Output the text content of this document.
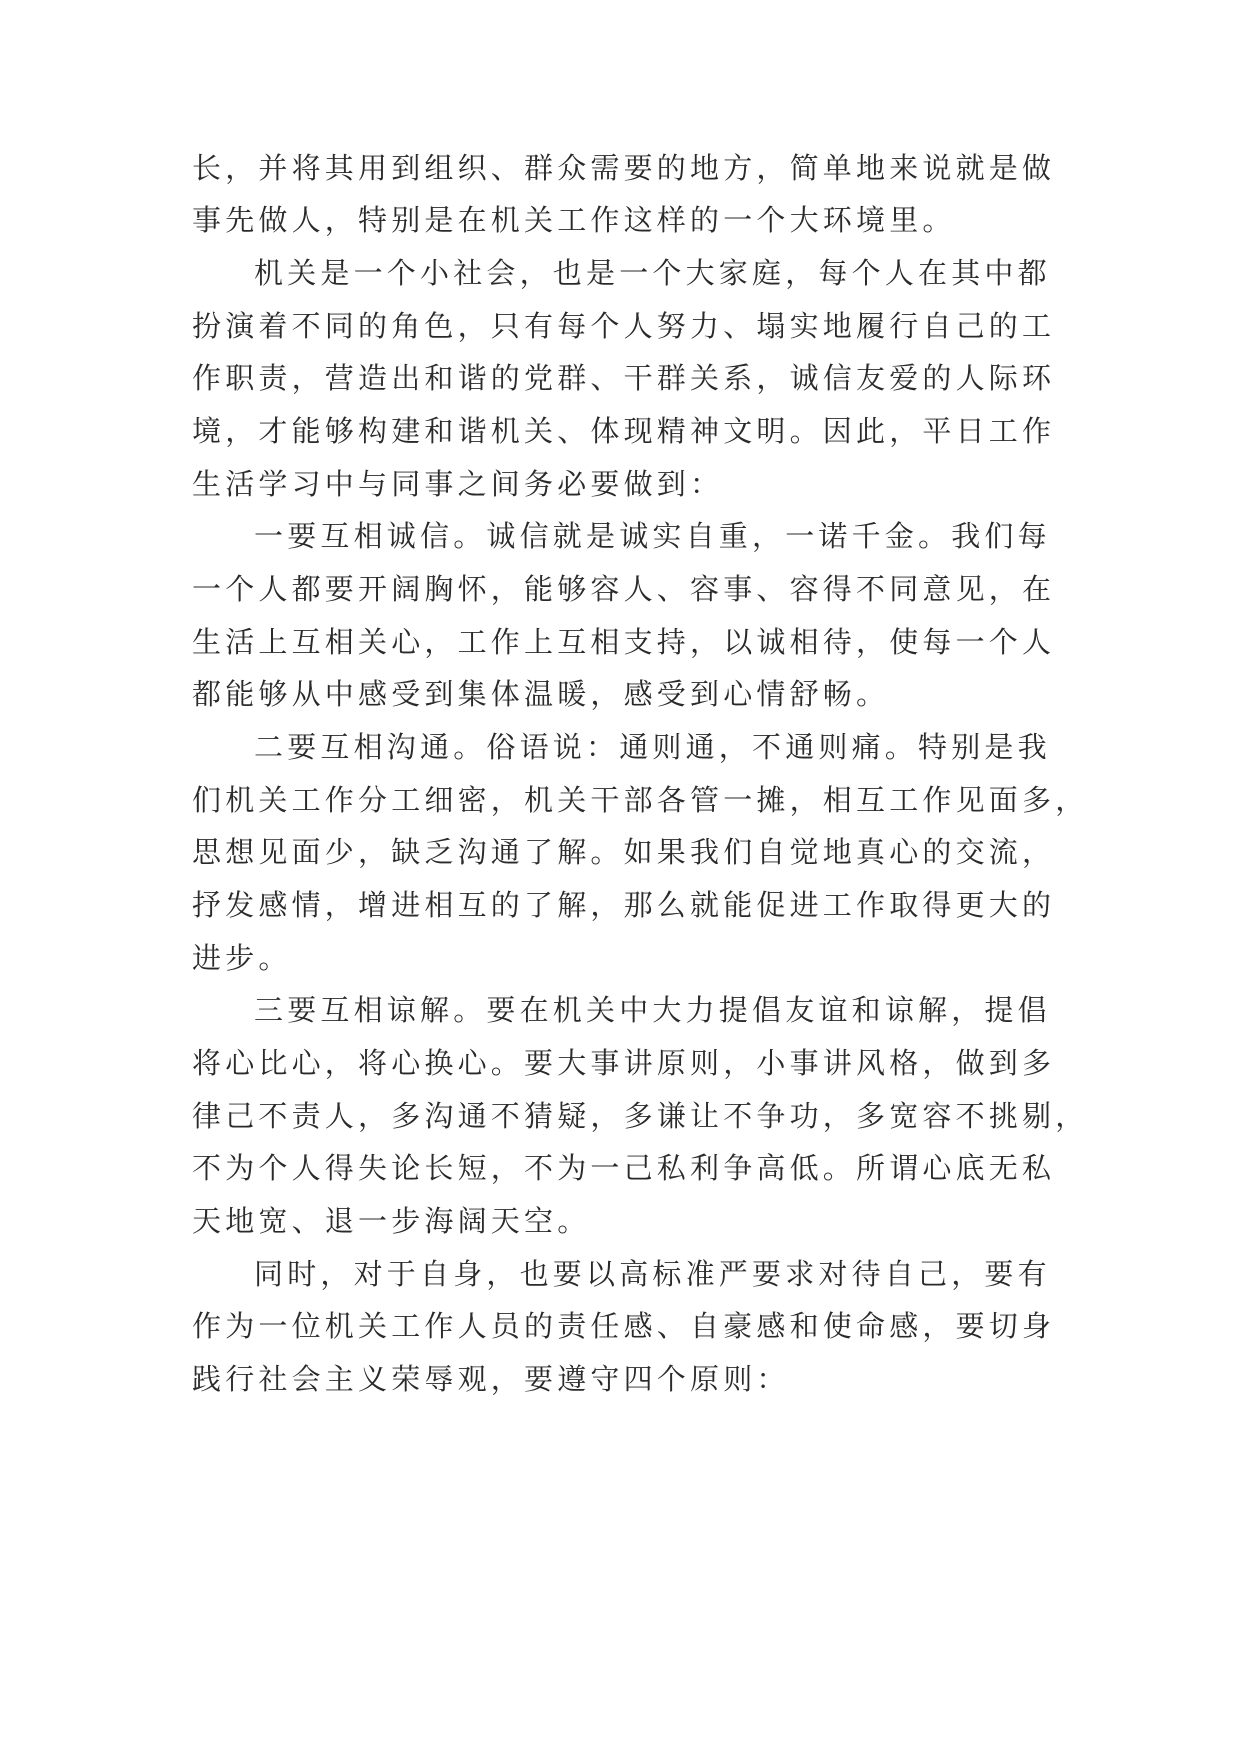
长，并将其用到组织、群众需要的地方，简单地来说就是做
事先做人，特别是在机关工作这样的一个大环境里。
机关是一个小社会，也是一个大家庭，每个人在其中都
扮演着不同的角色，只有每个人努力、塌实地履行自己的工
作职责，营造出和谐的党群、干群关系，诚信友爱的人际环
境，才能够构建和谐机关、体现精神文明。因此，平日工作
生活学习中与同事之间务必要做到：
一要互相诚信。诚信就是诚实自重，一诺千金。我们每
一个人都要开阔胸怀，能够容人、容事、容得不同意见，在
生活上互相关心，工作上互相支持，以诚相待，使每一个人
都能够从中感受到集体温暖，感受到心情舒畅。
二要互相沟通。俗语说：通则通，不通则痛。特别是我
们机关工作分工细密，机关干部各管一摊，相互工作见面多，
思想见面少，缺乏沟通了解。如果我们自觉地真心的交流，
抒发感情，增进相互的了解，那么就能促进工作取得更大的
进步。
三要互相谅解。要在机关中大力提倡友谊和谅解，提倡
将心比心，将心换心。要大事讲原则，小事讲风格，做到多
律己不责人，多沟通不猜疑，多谦让不争功，多宽容不挑剔，
不为个人得失论长短，不为一己私利争高低。所谓心底无私
天地宽、退一步海阔天空。
同时，对于自身，也要以高标准严要求对待自己，要有
作为一位机关工作人员的责任感、自豪感和使命感，要切身
践行社会主义荣辱观，要遵守四个原则：
